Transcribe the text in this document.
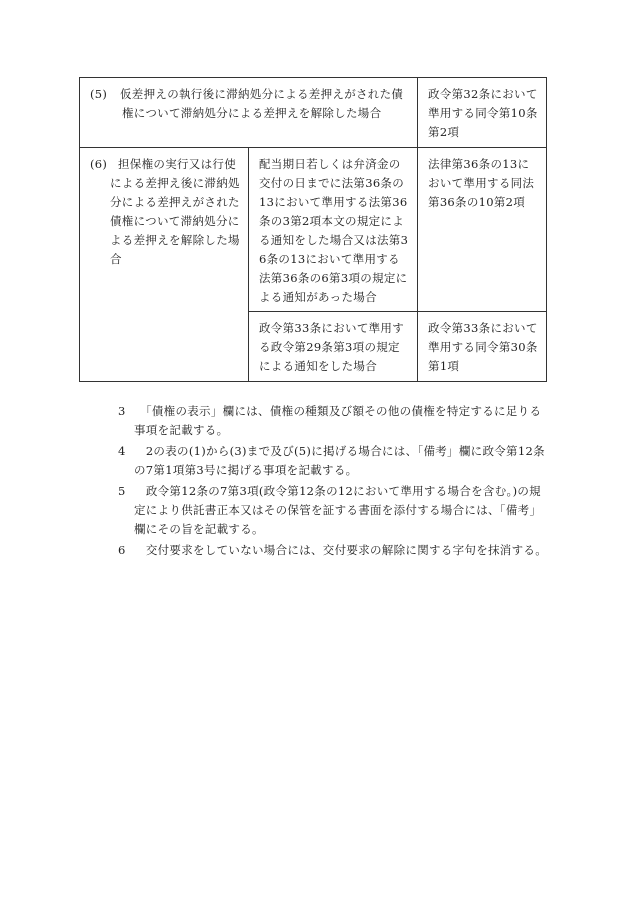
(5) 仮差押えの執行後に滞納処分による差押えがされた債権について滞納処分による差押えを解除した場合		政令第32条において準用する同令第10条第2項

(6) 担保権の実行又は行使による差押え後に滞納処分による差押えがされた債権について滞納処分による差押えを解除した場合	配当期日若しくは弁済金の交付の日までに法第36条の13において準用する法第36条の3第2項本文の規定による通知をした場合又は法第36条の13において準用する法第36条の6第3項の規定による通知があった場合	法律第36条の13において準用する同法第36条の10第2項

	政令第33条において準用する政令第29条第3項の規定による通知をした場合	政令第33条において準用する同令第30条第1項

3　 「債権の表示」欄には、債権の種類及び額その他の債権を特定するに足りる事項を記載する。

4　 2の表の(1)から(3)まで及び(5)に掲げる場合には、「備考」欄に政令第12条の7第1項第3号に掲げる事項を記載する。

5　 政令第12条の7第3項(政令第12条の12において準用する場合を含む。)の規定により供託書正本又はその保管を証する書面を添付する場合には、「備考」欄にその旨を記載する。

6　 交付要求をしていない場合には、交付要求の解除に関する字句を抹消する。
